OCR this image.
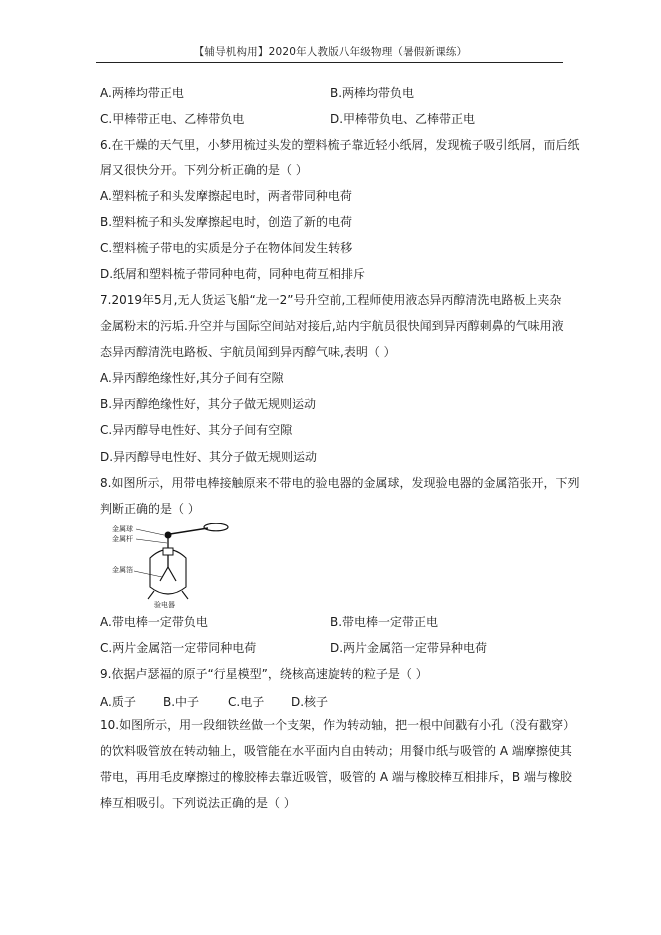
【辅导机构用】2020年人教版八年级物理（暑假新课练）
A.两棒均带正电	B.两棒均带负电
C.甲棒带正电、乙棒带负电	D.甲棒带负电、乙棒带正电
6.在干燥的天气里，小梦用梳过头发的塑料梳子靠近轻小纸屑，发现梳子吸引纸屑，而后纸
屑又很快分开。下列分析正确的是（ ）
A.塑料梳子和头发摩擦起电时，两者带同种电荷
B.塑料梳子和头发摩擦起电时，创造了新的电荷
C.塑料梳子带电的实质是分子在物体间发生转移
D.纸屑和塑料梳子带同种电荷，同种电荷互相排斥
7.2019年5月,无人货运飞船“龙一2”号升空前,工程师使用液态异丙醇清洗电路板上夹杂
金属粉末的污垢.升空并与国际空间站对接后,站内宇航员很快闻到异丙醇刺鼻的气味用液
态异丙醇清洗电路板、宇航员闻到异丙醇气味,表明（ ）
A.异丙醇绝缘性好,其分子间有空隙
B.异丙醇绝缘性好，其分子做无规则运动
C.异丙醇导电性好、其分子间有空隙
D.异丙醇导电性好、其分子做无规则运动
8.如图所示，用带电棒接触原来不带电的验电器的金属球，发现验电器的金属箔张开，下列
判断正确的是（ ）
金属球
金属杆
金属箔
验电器
A.带电棒一定带负电	B.带电棒一定带正电
C.两片金属箔一定带同种电荷	D.两片金属箔一定带异种电荷
9.依据卢瑟福的原子“行星模型”，绕核高速旋转的粒子是（ ）
A.质子 B.中子 C.电子 D.核子
10.如图所示，用一段细铁丝做一个支架，作为转动轴，把一根中间戳有小孔（没有戳穿）
的饮料吸管放在转动轴上，吸管能在水平面内自由转动；用餐巾纸与吸管的 A 端摩擦使其
带电，再用毛皮摩擦过的橡胶棒去靠近吸管，吸管的 A 端与橡胶棒互相排斥，B 端与橡胶
棒互相吸引。下列说法正确的是（ ）
